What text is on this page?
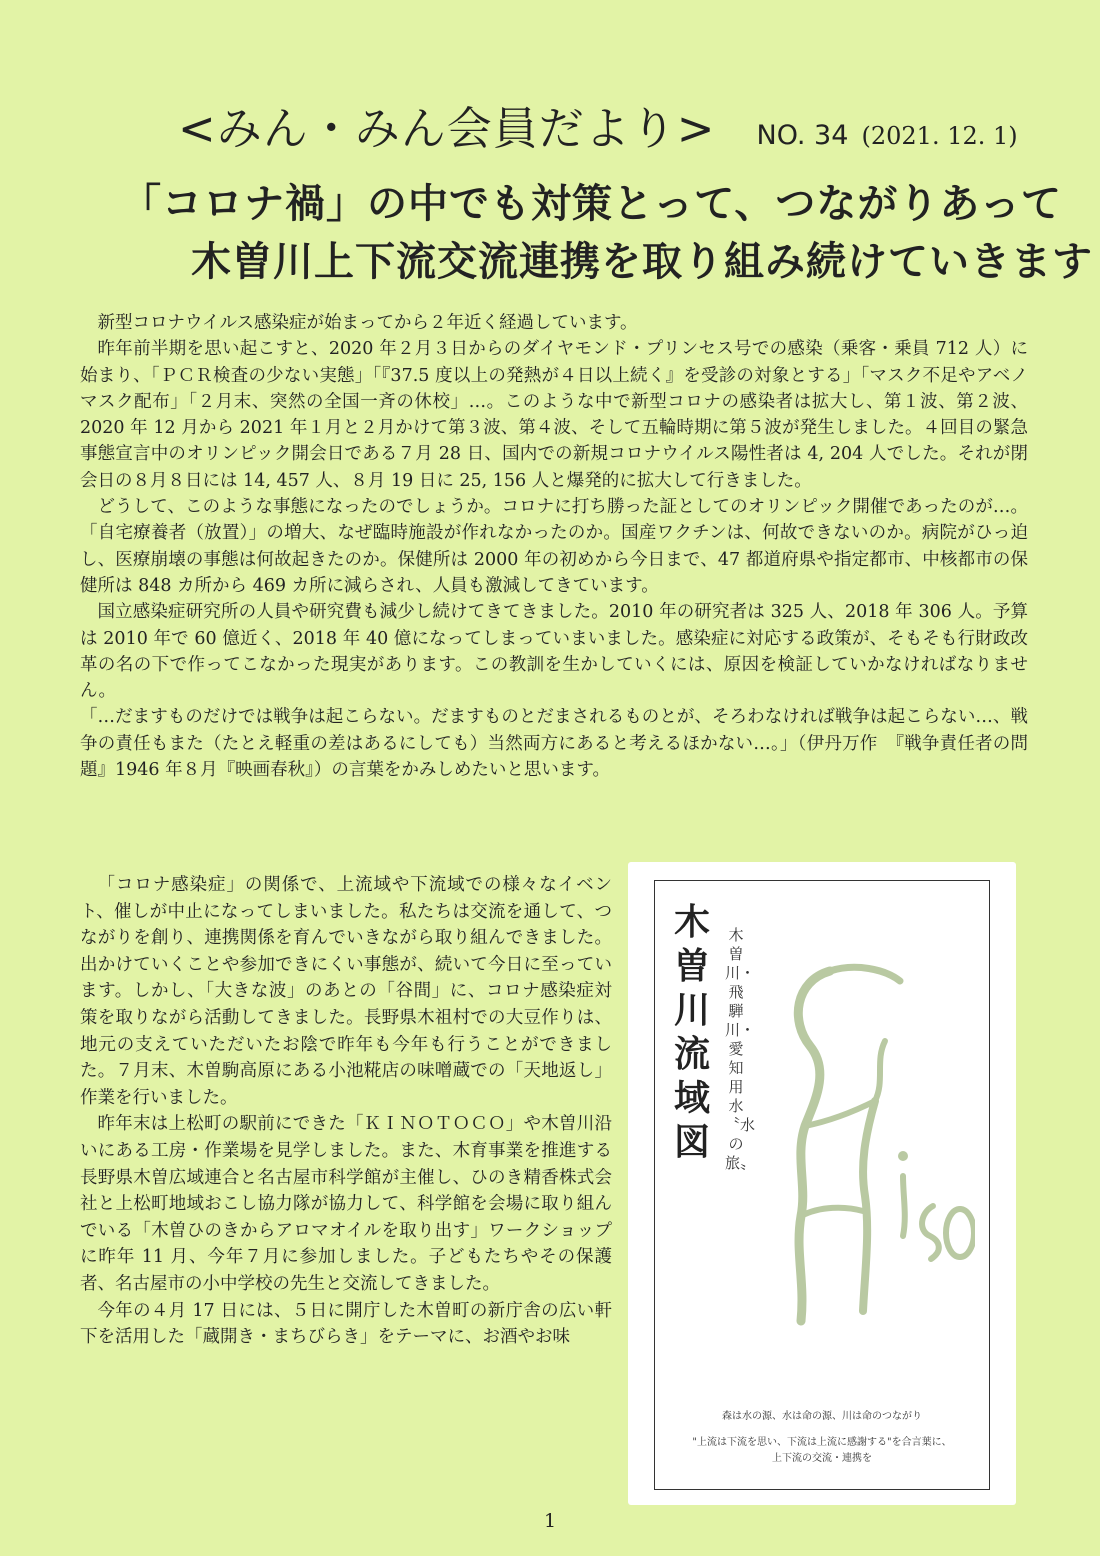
<みん・みん会員だより> NO. 34 (2021. 12. 1)
「コロナ禍」の中でも対策とって、つながりあって
木曽川上下流交流連携を取り組み続けていきます

新型コロナウイルス感染症が始まってから２年近く経過しています。

昨年前半期を思い起こすと、2020 年２月３日からのダイヤモンド・プリンセス号での感染（乗客・乗員 712 人）に始まり、「ＰＣＲ検査の少ない実態」「『37.5 度以上の発熱が４日以上続く』を受診の対象とする」「マスク不足やアベノマスク配布」「２月末、突然の全国一斉の休校」…。このような中で新型コロナの感染者は拡大し、第１波、第２波、2020 年 12 月から 2021 年１月と２月かけて第３波、第４波、そして五輪時期に第５波が発生しました。４回目の緊急事態宣言中のオリンピック開会日である７月 28 日、国内での新規コロナウイルス陽性者は 4, 204 人でした。それが閉会日の８月８日には 14, 457 人、８月 19 日に 25, 156 人と爆発的に拡大して行きました。

どうして、このような事態になったのでしょうか。コロナに打ち勝った証としてのオリンピック開催であったのが…。「自宅療養者（放置）」の増大、なぜ臨時施設が作れなかったのか。国産ワクチンは、何故できないのか。病院がひっ迫し、医療崩壊の事態は何故起きたのか。保健所は 2000 年の初めから今日まで、47 都道府県や指定都市、中核都市の保健所は 848 カ所から 469 カ所に減らされ、人員も激減してきています。

国立感染症研究所の人員や研究費も減少し続けてきてきました。2010 年の研究者は 325 人、2018 年 306 人。予算は 2010 年で 60 億近く、2018 年 40 億になってしまっていまいました。感染症に対応する政策が、そもそも行財政改革の名の下で作ってこなかった現実があります。この教訓を生かしていくには、原因を検証していかなければなりません。

「…だますものだけでは戦争は起こらない。だますものとだまされるものとが、そろわなければ戦争は起こらない…、戦争の責任もまた（たとえ軽重の差はあるにしても）当然両方にあると考えるほかない…。」（伊丹万作　『戦争責任者の問題』1946 年８月『映画春秋』）の言葉をかみしめたいと思います。

「コロナ感染症」の関係で、上流域や下流域での様々なイベント、催しが中止になってしまいました。私たちは交流を通して、つながりを創り、連携関係を育んでいきながら取り組んできました。出かけていくことや参加できにくい事態が、続いて今日に至っています。しかし、「大きな波」のあとの「谷間」に、コロナ感染症対策を取りながら活動してきました。長野県木祖村での大豆作りは、地元の支えていただいたお陰で昨年も今年も行うことができました。７月末、木曽駒高原にある小池糀店の味噌蔵での「天地返し」作業を行いました。

昨年末は上松町の駅前にできた「ＫＩＮＯＴＯＣＯ」や木曽川沿いにある工房・作業場を見学しました。また、木育事業を推進する長野県木曽広域連合と名古屋市科学館が主催し、ひのき精香株式会社と上松町地域おこし協力隊が協力して、科学館を会場に取り組んでいる「木曽ひのきからアロマオイルを取り出す」ワークショップに昨年 11 月、今年７月に参加しました。子どもたちやその保護者、名古屋市の小中学校の先生と交流してきました。

今年の４月 17 日には、５日に開庁した木曽町の新庁舎の広い軒下を活用した「蔵開き・まちびらき」をテーマに、お酒やお味

木曽川流域図
木曽川・飛騨川・愛知用水〝水の旅〟
森は水の源、水は命の源、川は命のつながり
"上流は下流を思い、下流は上流に感謝する"を合言葉に、
上下流の交流・連携を
1
